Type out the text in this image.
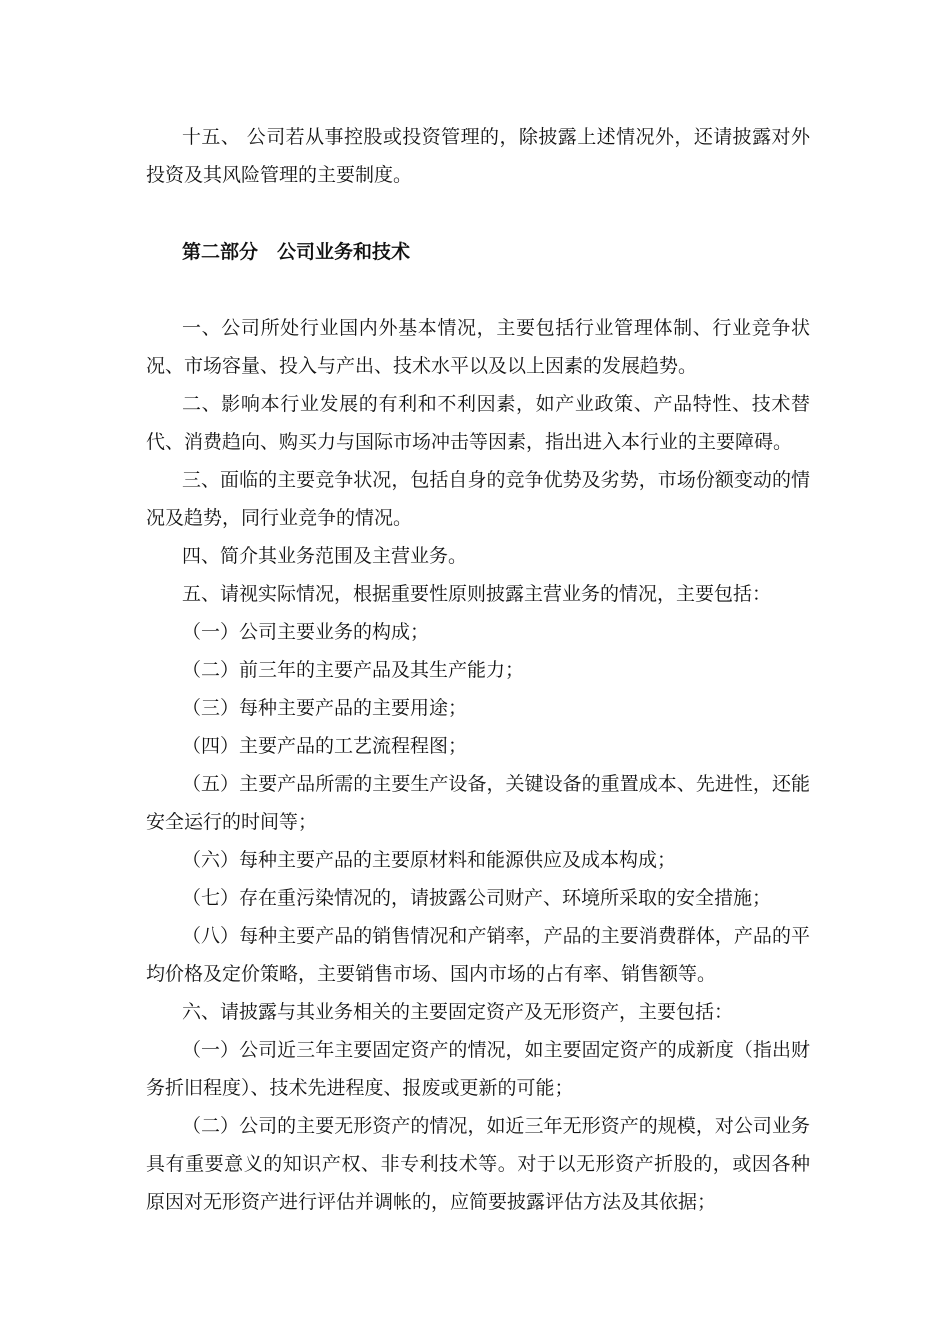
十五、 公司若从事控股或投资管理的，除披露上述情况外，还请披露对外投资及其风险管理的主要制度。

第二部分　公司业务和技术

一、公司所处行业国内外基本情况，主要包括行业管理体制、行业竞争状况、市场容量、投入与产出、技术水平以及以上因素的发展趋势。

二、影响本行业发展的有利和不利因素，如产业政策、产品特性、技术替代、消费趋向、购买力与国际市场冲击等因素，指出进入本行业的主要障碍。

三、面临的主要竞争状况，包括自身的竞争优势及劣势，市场份额变动的情况及趋势，同行业竞争的情况。

四、简介其业务范围及主营业务。

五、请视实际情况，根据重要性原则披露主营业务的情况，主要包括：

（一）公司主要业务的构成；

（二）前三年的主要产品及其生产能力；

（三）每种主要产品的主要用途；

（四）主要产品的工艺流程程图；

（五）主要产品所需的主要生产设备，关键设备的重置成本、先进性，还能安全运行的时间等；

（六）每种主要产品的主要原材料和能源供应及成本构成；

（七）存在重污染情况的，请披露公司财产、环境所采取的安全措施；

（八）每种主要产品的销售情况和产销率，产品的主要消费群体，产品的平均价格及定价策略，主要销售市场、国内市场的占有率、销售额等。

六、请披露与其业务相关的主要固定资产及无形资产，主要包括：

（一）公司近三年主要固定资产的情况，如主要固定资产的成新度（指出财务折旧程度）、技术先进程度、报废或更新的可能；

（二）公司的主要无形资产的情况，如近三年无形资产的规模，对公司业务具有重要意义的知识产权、非专利技术等。对于以无形资产折股的，或因各种原因对无形资产进行评估并调帐的，应简要披露评估方法及其依据；
